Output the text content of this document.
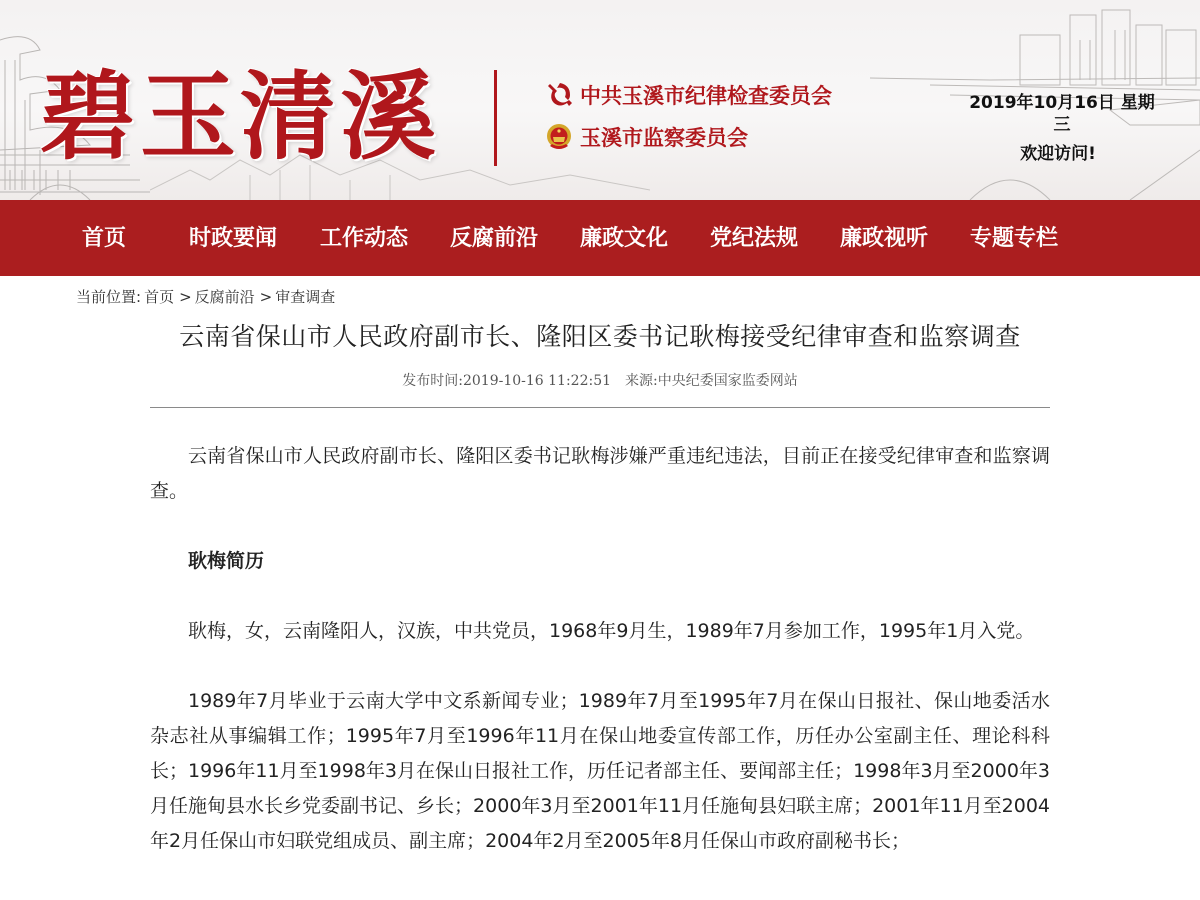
碧玉清溪	中共玉溪市纪律检查委员会
玉溪市监察委员会
2019年10月16日 星期三
欢迎访问!
首页	时政要闻 工作动态 反腐前沿 廉政文化 党纪法规 廉政视听 专题专栏
当前位置: 首页 > 反腐前沿 > 审查调查
云南省保山市人民政府副市长、隆阳区委书记耿梅接受纪律审查和监察调查
发布时间:2019-10-16 11:22:51 来源:中央纪委国家监委网站

云南省保山市人民政府副市长、隆阳区委书记耿梅涉嫌严重违纪违法，目前正在接受纪律审查和监察调查。

耿梅简历

耿梅，女，云南隆阳人，汉族，中共党员，1968年9月生，1989年7月参加工作，1995年1月入党。

1989年7月毕业于云南大学中文系新闻专业；1989年7月至1995年7月在保山日报社、保山地委活水杂志社从事编辑工作；1995年7月至1996年11月在保山地委宣传部工作，历任办公室副主任、理论科科长；1996年11月至1998年3月在保山日报社工作，历任记者部主任、要闻部主任；1998年3月至2000年3月任施甸县水长乡党委副书记、乡长；2000年3月至2001年11月任施甸县妇联主席；2001年11月至2004年2月任保山市妇联党组成员、副主席；2004年2月至2005年8月任保山市政府副秘书长；
